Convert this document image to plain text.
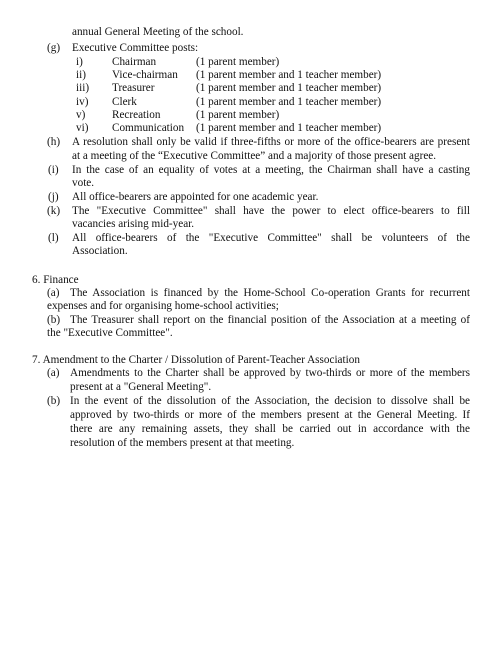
annual General Meeting of the school.
(g) Executive Committee posts:
i)	Chairman	(1 parent member)
ii) Vice-chairman (1 parent member and 1 teacher member)
iii) Treasurer	(1 parent member and 1 teacher member)
iv) Clerk	(1 parent member and 1 teacher member)
v) Recreation	(1 parent member)
vi) Communication (1 parent member and 1 teacher member)
(h) A resolution shall only be valid if three-fifths or more of the office-bearers are present
at a meeting of the “Executive Committee” and a majority of those present agree.
(i) In the case of an equality of votes at a meeting, the Chairman shall have a casting
vote.
(j) All office-bearers are appointed for one academic year.
(k) The "Executive Committee" shall have the power to elect office-bearers to fill
vacancies arising mid-year.
(l) All office-bearers of the "Executive Committee" shall be volunteers of the
Association.
6. Finance
(a) The Association is financed by the Home-School Co-operation Grants for recurrent
expenses and for organising home-school activities;
(b) The Treasurer shall report on the financial position of the Association at a meeting of
the "Executive Committee".
7. Amendment to the Charter / Dissolution of Parent-Teacher Association
(a) Amendments to the Charter shall be approved by two-thirds or more of the members
present at a "General Meeting".
(b) In the event of the dissolution of the Association, the decision to dissolve shall be
approved by two-thirds or more of the members present at the General Meeting. If
there are any remaining assets, they shall be carried out in accordance with the
resolution of the members present at that meeting.
